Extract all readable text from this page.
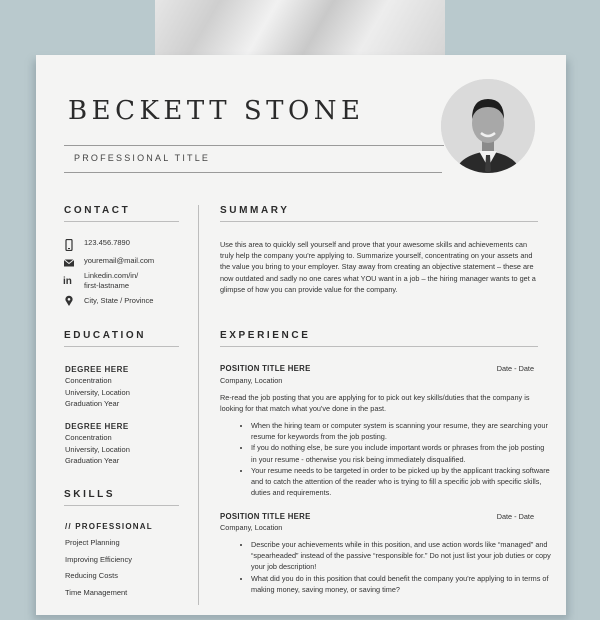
BECKETT STONE
PROFESSIONAL TITLE
CONTACT
123.456.7890
youremail@mail.com
in
Linkedin.com/in/
first-lastname
City, State / Province
EDUCATION
DEGREE HERE
Concentration
University, Location
Graduation Year
DEGREE HERE
Concentration
University, Location
Graduation Year
SKILLS
// PROFESSIONAL
Project Planning
Improving Efficiency
Reducing Costs
Time Management
SUMMARY
Use this area to quickly sell yourself and prove that your awesome skills and achievements can truly help the company you're applying to. Summarize yourself, concentrating on your assets and the value you bring to your employer. Stay away from creating an objective statement – these are now outdated and sadly no one cares what YOU want in a job – the hiring manager wants to get a glimpse of how you can provide value for the company.
EXPERIENCE
POSITION TITLE HERE	Date - Date
Company, Location
Re-read the job posting that you are applying for to pick out key skills/duties that the company is looking for that match what you've done in the past.
• When the hiring team or computer system is scanning your resume, they are searching your resume for keywords from the job posting.
• If you do nothing else, be sure you include important words or phrases from the job posting in your resume - otherwise you risk being immediately disqualified.
• Your resume needs to be targeted in order to be picked up by the applicant tracking software and to catch the attention of the reader who is trying to fill a specific job with specific skills, duties and requirements.
POSITION TITLE HERE	Date - Date
Company, Location
• Describe your achievements while in this position, and use action words like “managed” and “spearheaded” instead of the passive “responsible for.” Do not just list your job duties or copy your job description!
• What did you do in this position that could benefit the company you're applying to in terms of making money, saving money, or saving time?
